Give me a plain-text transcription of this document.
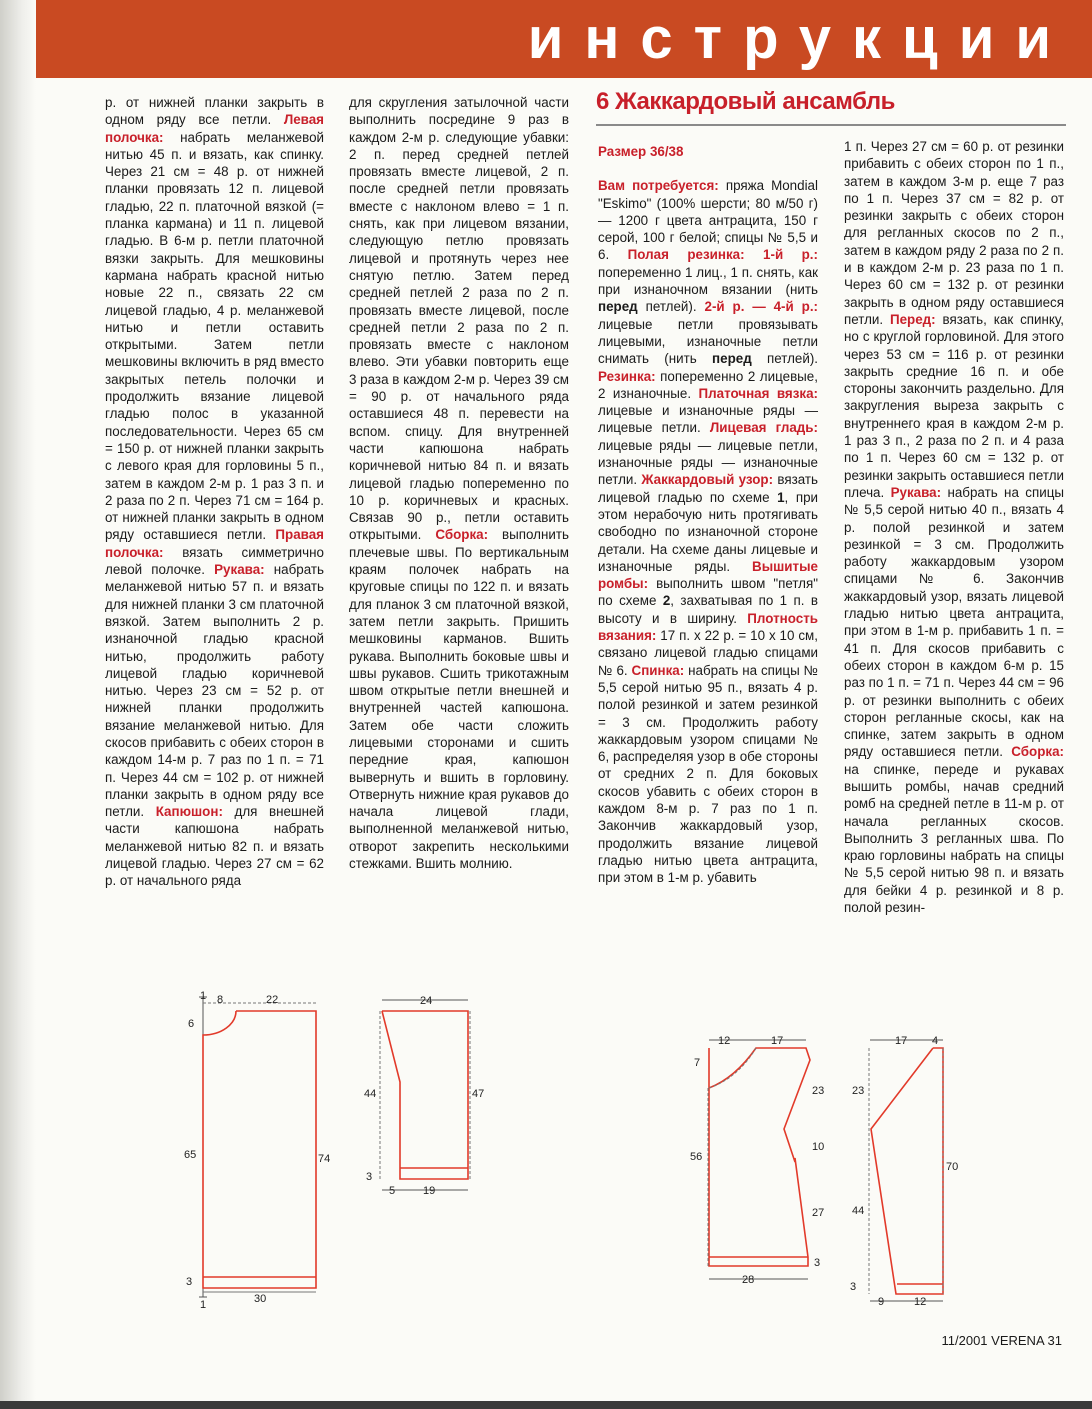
инструкции

р. от нижней планки закрыть в одном ряду все петли. Левая полочка: набрать меланжевой нитью 45 п. и вязать, как спинку. Через 21 см = 48 р. от нижней планки провязать 12 п. лицевой гладью, 22 п. платочной вязкой (= планка кармана) и 11 п. лицевой гладью. В 6-м р. петли платочной вязки закрыть. Для мешковины кармана набрать красной нитью новые 22 п., связать 22 см лицевой гладью, 4 р. меланжевой нитью и петли оставить открытыми. Затем петли мешковины включить в ряд вместо закрытых петель полочки и продолжить вязание лицевой гладью полос в указанной последовательности. Через 65 см = 150 р. от нижней планки закрыть с левого края для горловины 5 п., затем в каждом 2-м р. 1 раз 3 п. и 2 раза по 2 п. Через 71 см = 164 р. от нижней планки закрыть в одном ряду оставшиеся петли. Правая полочка: вязать симметрично левой полочке. Рукава: набрать меланжевой нитью 57 п. и вязать для нижней планки 3 см платочной вязкой. Затем выполнить 2 р. изнаночной гладью красной нитью, продолжить работу лицевой гладью коричневой нитью. Через 23 см = 52 р. от нижней планки продолжить вязание меланжевой нитью. Для скосов прибавить с обеих сторон в каждом 14-м р. 7 раз по 1 п. = 71 п. Через 44 см = 102 р. от нижней планки закрыть в одном ряду все петли. Капюшон: для внешней части капюшона набрать меланжевой нитью 82 п. и вязать лицевой гладью. Через 27 см = 62 р. от начального ряда

для скругления затылочной части выполнить посредине 9 раз в каждом 2-м р. следующие убавки: 2 п. перед средней петлей провязать вместе лицевой, 2 п. после средней петли провязать вместе с наклоном влево = 1 п. снять, как при лицевом вязании, следующую петлю провязать лицевой и протянуть через нее снятую петлю. Затем перед средней петлей 2 раза по 2 п. провязать вместе лицевой, после средней петли 2 раза по 2 п. провязать вместе с наклоном влево. Эти убавки повторить еще 3 раза в каждом 2-м р. Через 39 см = 90 р. от начального ряда оставшиеся 48 п. перевести на вспом. спицу. Для внутренней части капюшона набрать коричневой нитью 84 п. и вязать лицевой гладью попеременно по 10 р. коричневых и красных. Связав 90 р., петли оставить открытыми. Сборка: выполнить плечевые швы. По вертикальным краям полочек набрать на круговые спицы по 122 п. и вязать для планок 3 см платочной вязкой, затем петли закрыть. Пришить мешковины карманов. Вшить рукава. Выполнить боковые швы и швы рукавов. Сшить трикотажным швом открытые петли внешней и внутренней частей капюшона. Затем обе части сложить лицевыми сторонами и сшить передние края, капюшон вывернуть и вшить в горловину. Отвернуть нижние края рукавов до начала лицевой глади, выполненной меланжевой нитью, отворот закрепить несколькими стежками. Вшить молнию.

6 Жаккардовый ансамбль

Размер 36/38

Вам потребуется: пряжа Mondial "Eskimo" (100% шерсти; 80 м/50 г) — 1200 г цвета антрацита, 150 г серой, 100 г белой; спицы № 5,5 и 6. Полая резинка: 1-й р.: попеременно 1 лиц., 1 п. снять, как при изнаночном вязании (нить перед петлей). 2-й р. — 4-й р.: лицевые петли провязывать лицевыми, изнаночные петли снимать (нить перед петлей). Резинка: попеременно 2 лицевые, 2 изнаночные. Платочная вязка: лицевые и изнаночные ряды — лицевые петли. Лицевая гладь: лицевые ряды — лицевые петли, изнаночные ряды — изнаночные петли. Жаккардовый узор: вязать лицевой гладью по схеме 1, при этом нерабочую нить протягивать свободно по изнаночной стороне детали. На схеме даны лицевые и изнаночные ряды. Вышитые ромбы: выполнить швом "петля" по схеме 2, захватывая по 1 п. в высоту и в ширину. Плотность вязания: 17 п. х 22 р. = 10 х 10 см, связано лицевой гладью спицами № 6. Спинка: набрать на спицы № 5,5 серой нитью 95 п., вязать 4 р. полой резинкой и затем резинкой = 3 см. Продолжить работу жаккардовым узором спицами № 6, распределяя узор в обе стороны от средних 2 п. Для боковых скосов убавить с обеих сторон в каждом 8-м р. 7 раз по 1 п. Закончив жаккардовый узор, продолжить вязание лицевой гладью нитью цвета антрацита, при этом в 1-м р. убавить

1 п. Через 27 см = 60 р. от резинки прибавить с обеих сторон по 1 п., затем в каждом 3-м р. еще 7 раз по 1 п. Через 37 см = 82 р. от резинки закрыть с обеих сторон для регланных скосов по 2 п., затем в каждом ряду 2 раза по 2 п. и в каждом 2-м р. 23 раза по 1 п. Через 60 см = 132 р. от резинки закрыть в одном ряду оставшиеся петли. Перед: вязать, как спинку, но с круглой горловиной. Для этого через 53 см = 116 р. от резинки закрыть средние 16 п. и обе стороны закончить раздельно. Для закругления выреза закрыть с внутреннего края в каждом 2-м р. 1 раз 3 п., 2 раза по 2 п. и 4 раза по 1 п. Через 60 см = 132 р. от резинки закрыть оставшиеся петли плеча. Рукава: набрать на спицы № 5,5 серой нитью 40 п., вязать 4 р. полой резинкой и затем резинкой = 3 см. Продолжить работу жаккардовым узором спицами № 6. Закончив жаккардовый узор, вязать лицевой гладью нитью цвета антрацита, при этом в 1-м р. прибавить 1 п. = 41 п. Для скосов прибавить с обеих сторон в каждом 6-м р. 15 раз по 1 п. = 71 п. Через 44 см = 96 р. от резинки выполнить с обеих сторон регланные скосы, как на спинке, затем закрыть в одном ряду оставшиеся петли. Сборка: на спинке, переде и рукавах вышить ромбы, начав средний ромб на средней петле в 11-м р. от начала регланных скосов. Выполнить 3 регланных шва. По краю горловины набрать на спицы № 5,5 серой нитью 98 п. и вязать для бейки 4 р. резинкой и 8 р. полой резин-

1 8	22
6
65	74
3
1	30
24
44	47
3
5	19
12	17
7
23
10
56
27
3
28
17 4
23
70
44
3
9	12
11/2001 VERENA 31
